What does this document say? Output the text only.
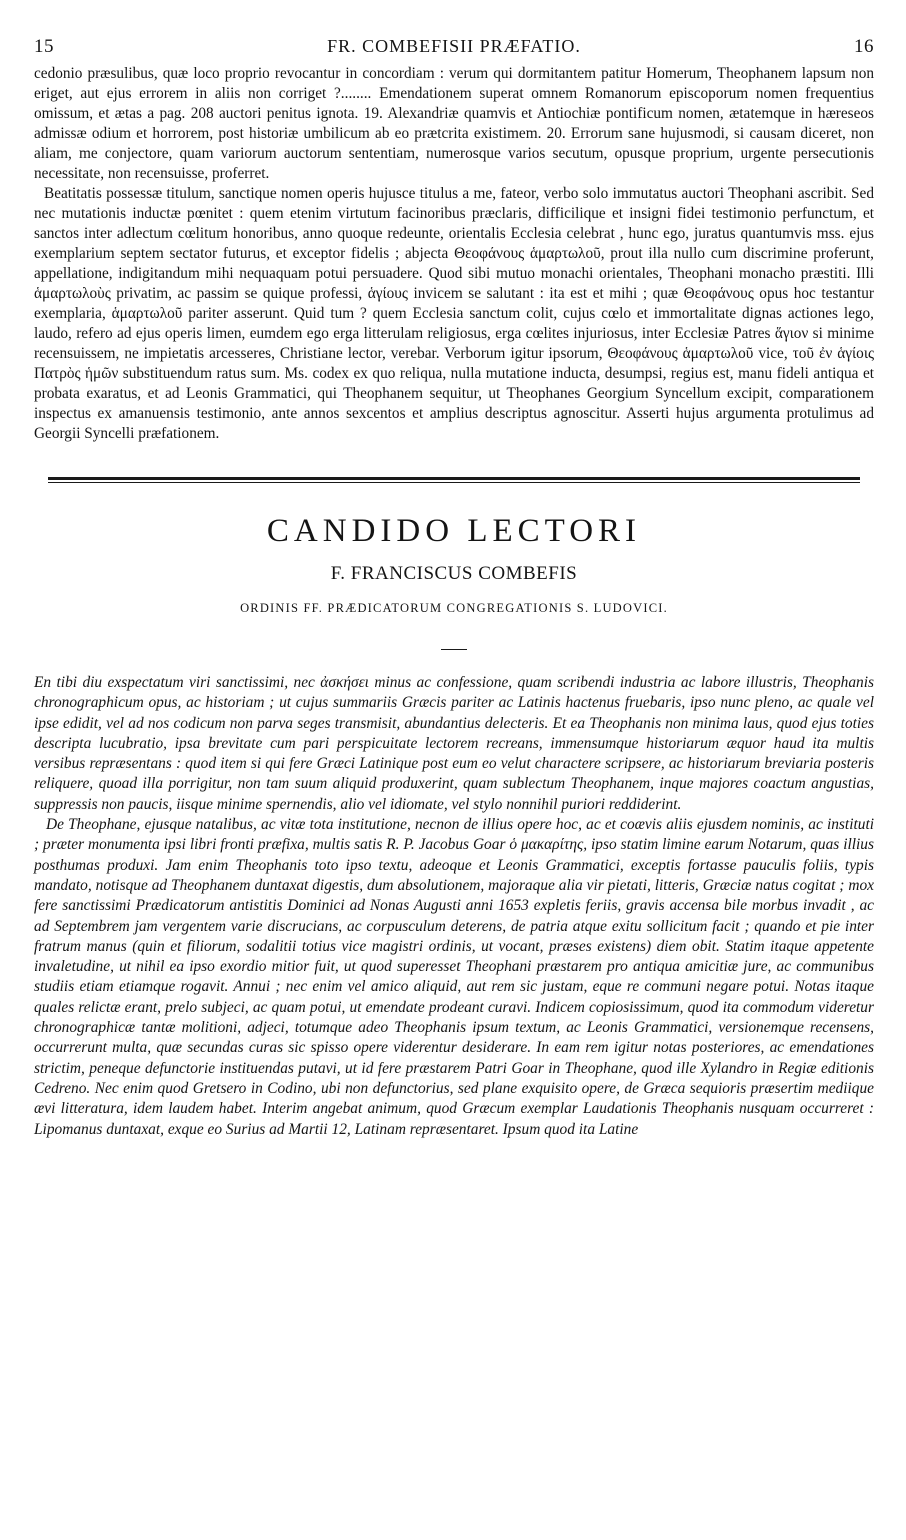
15	FR. COMBEFISII PRÆFATIO.	16

cedonio præsulibus, quæ loco proprio revocantur in concordiam : verum qui dormitantem patitur Homerum, Theophanem lapsum non eriget, aut ejus errorem in aliis non corriget ?........ Emendationem superat omnem Romanorum episcoporum nomen frequentius omissum, et ætas a pag. 208 auctori penitus ignota. 19. Alexandriæ quamvis et Antiochiæ pontificum nomen, ætatemque in hæreseos admissæ odium et horrorem, post historiæ umbilicum ab eo prætcrita existimem. 20. Errorum sane hujusmodi, si causam diceret, non aliam, me conjectore, quam variorum auctorum sententiam, numerosque varios secutum, opusque proprium, urgente persecutionis necessitate, non recensuisse, proferret.

Beatitatis possessæ titulum, sanctique nomen operis hujusce titulus a me, fateor, verbo solo immutatus auctori Theophani ascribit. Sed nec mutationis inductæ pœnitet : quem etenim virtutum facinoribus præclaris, difficilique et insigni fidei testimonio perfunctum, et sanctos inter adlectum cœlitum honoribus, anno quoque redeunte, orientalis Ecclesia celebrat , hunc ego, juratus quantumvis mss. ejus exemplarium septem sectator futurus, et exceptor fidelis ; abjecta Θεοφάνους ἁμαρτωλοῦ, prout illa nullo cum discrimine proferunt, appellatione, indigitandum mihi nequaquam potui persuadere. Quod sibi mutuo monachi orientales, Theophani monacho præstiti. Illi ἁμαρτωλοὺς privatim, ac passim se quique professi, ἁγίους invicem se salutant : ita est et mihi ; quæ Θεοφάνους opus hoc testantur exemplaria, ἁμαρτωλοῦ pariter asserunt. Quid tum ? quem Ecclesia sanctum colit, cujus cœlo et immortalitate dignas actiones lego, laudo, refero ad ejus operis limen, eumdem ego erga litterulam religiosus, erga cœlites injuriosus, inter Ecclesiæ Patres ἅγιον si minime recensuissem, ne impietatis arcesseres, Christiane lector, verebar. Verborum igitur ipsorum, Θεοφάνους ἁμαρτωλοῦ vice, τοῦ ἐν ἁγίοις Πατρὸς ἡμῶν substituendum ratus sum. Ms. codex ex quo reliqua, nulla mutatione inducta, desumpsi, regius est, manu fideli antiqua et probata exaratus, et ad Leonis Grammatici, qui Theophanem sequitur, ut Theophanes Georgium Syncellum excipit, comparationem inspectus ex amanuensis testimonio, ante annos sexcentos et amplius descriptus agnoscitur. Asserti hujus argumenta protulimus ad Georgii Syncelli præfationem.

CANDIDO LECTORI
F. FRANCISCUS COMBEFIS
ORDINIS FF. PRÆDICATORUM CONGREGATIONIS S. LUDOVICI.

En tibi diu exspectatum viri sanctissimi, nec ἀσκήσει minus ac confessione, quam scribendi industria ac labore illustris, Theophanis chronographicum opus, ac historiam ; ut cujus summariis Græcis pariter ac Latinis hactenus fruebaris, ipso nunc pleno, ac quale vel ipse edidit, vel ad nos codicum non parva seges transmisit, abundantius delecteris. Et ea Theophanis non minima laus, quod ejus toties descripta lucubratio, ipsa brevitate cum pari perspicuitate lectorem recreans, immensumque historiarum æquor haud ita multis versibus repræsentans : quod item si qui fere Græci Latinique post eum eo velut charactere scripsere, ac historiarum breviaria posteris reliquere, quoad illa porrigitur, non tam suum aliquid produxerint, quam sublectum Theophanem, inque majores coactum angustias, suppressis non paucis, iisque minime spernendis, alio vel idiomate, vel stylo nonnihil puriori reddiderint.

De Theophane, ejusque natalibus, ac vitæ tota institutione, necnon de illius opere hoc, ac et coævis aliis ejusdem nominis, ac instituti ; præter monumenta ipsi libri fronti præfixa, multis satis R. P. Jacobus Goar ὁ μακαρίτης, ipso statim limine earum Notarum, quas illius posthumas produxi. Jam enim Theophanis toto ipso textu, adeoque et Leonis Grammatici, exceptis fortasse pauculis foliis, typis mandato, notisque ad Theophanem duntaxat digestis, dum absolutionem, majoraque alia vir pietati, litteris, Græciæ natus cogitat ; mox fere sanctissimi Prædicatorum antistitis Dominici ad Nonas Augusti anni 1653 expletis feriis, gravis accensa bile morbus invadit , ac ad Septembrem jam vergentem varie discrucians, ac corpusculum deterens, de patria atque exitu sollicitum facit ; quando et pie inter fratrum manus (quin et filiorum, sodalitii totius vice magistri ordinis, ut vocant, præses existens) diem obit. Statim itaque appetente invaletudine, ut nihil ea ipso exordio mitior fuit, ut quod superesset Theophani præstarem pro antiqua amicitiæ jure, ac communibus studiis etiam etiamque rogavit. Annui ; nec enim vel amico aliquid, aut rem sic justam, eque re communi negare potui. Notas itaque quales relictæ erant, prelo subjeci, ac quam potui, ut emendate prodeant curavi. Indicem copiosissimum, quod ita commodum videretur chronographicæ tantæ molitioni, adjeci, totumque adeo Theophanis ipsum textum, ac Leonis Grammatici, versionemque recensens, occurrerunt multa, quæ secundas curas sic spisso opere viderentur desiderare. In eam rem igitur notas posteriores, ac emendationes strictim, peneque defunctorie instituendas putavi, ut id fere præstarem Patri Goar in Theophane, quod ille Xylandro in Regiæ editionis Cedreno. Nec enim quod Gretsero in Codino, ubi non defunctorius, sed plane exquisito opere, de Græca sequioris præsertim mediique ævi litteratura, idem laudem habet. Interim angebat animum, quod Græcum exemplar Laudationis Theophanis nusquam occurreret : Lipomanus duntaxat, exque eo Surius ad Martii 12, Latinam repræsentaret. Ipsum quod ita Latine
